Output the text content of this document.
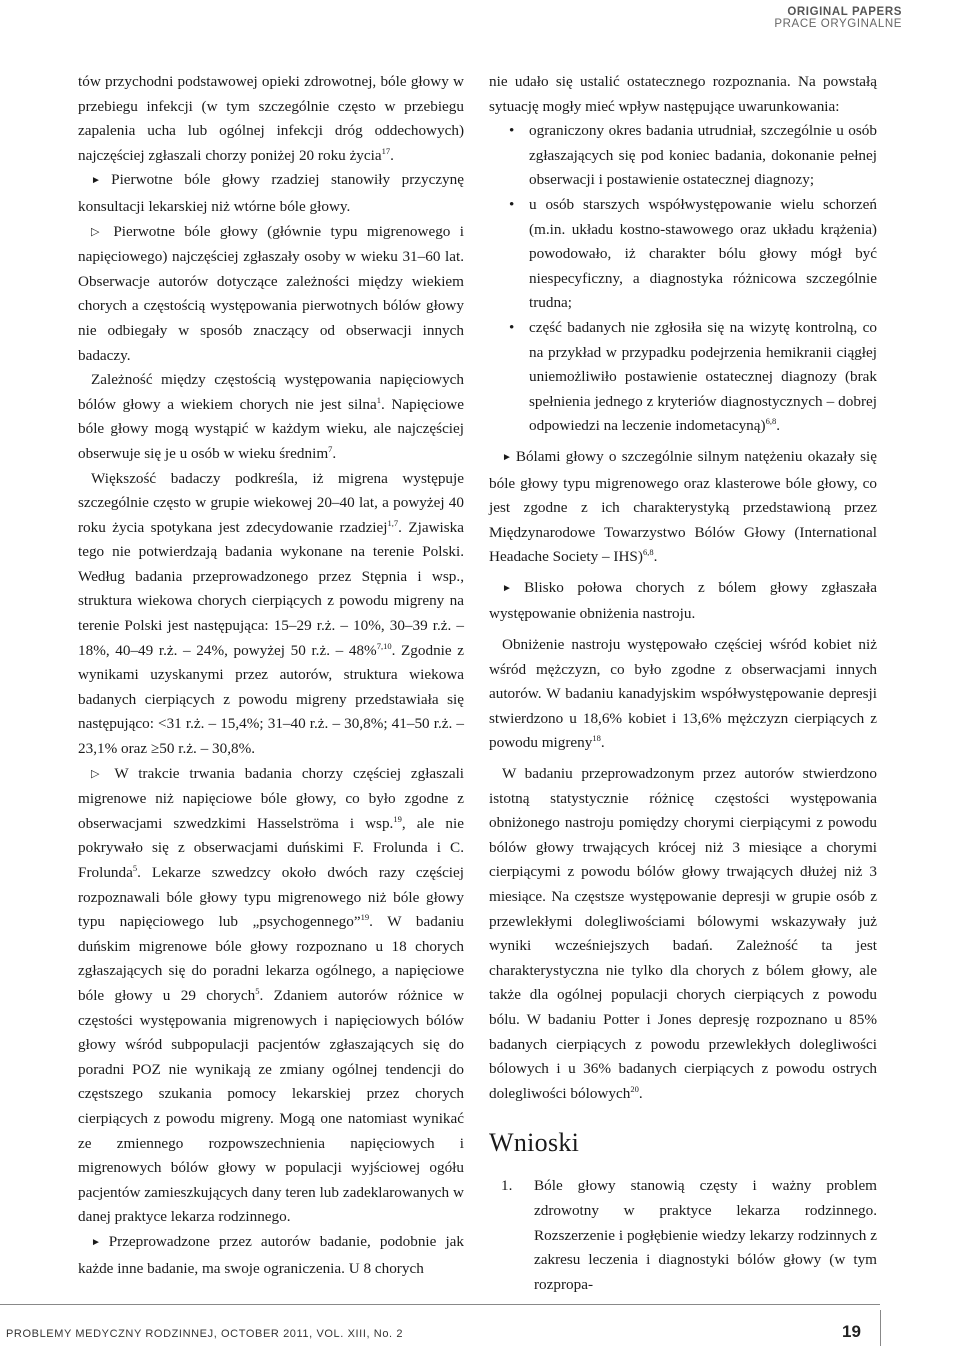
ORIGINAL PAPERS
PRACE ORYGINALNE

tów przychodni podstawowej opieki zdrowotnej, bóle głowy w przebiegu infekcji (w tym szczególnie często w przebiegu zapalenia ucha lub ogólnej infekcji dróg oddechowych) najczęściej zgłaszali chorzy poniżej 20 roku życia$^{17}$.

► Pierwotne bóle głowy rzadziej stanowiły przyczynę konsultacji lekarskiej niż wtórne bóle głowy.

▷ Pierwotne bóle głowy (głównie typu migrenowego i napięciowego) najczęściej zgłaszały osoby w wieku 31–60 lat. Obserwacje autorów dotyczące zależności między wiekiem chorych a częstością występowania pierwotnych bólów głowy nie odbiegały w sposób znaczący od obserwacji innych badaczy.

Zależność między częstością występowania napięciowych bólów głowy a wiekiem chorych nie jest silna$^1$. Napięciowe bóle głowy mogą wystąpić w każdym wieku, ale najczęściej obserwuje się je u osób w wieku średnim$^7$.

Większość badaczy podkreśla, iż migrena występuje szczególnie często w grupie wiekowej 20–40 lat, a powyżej 40 roku życia spotykana jest zdecydowanie rzadziej$^{1,7}$. Zjawiska tego nie potwierdzają badania wykonane na terenie Polski. Według badania przeprowadzonego przez Stępnia i wsp., struktura wiekowa chorych cierpiących z powodu migreny na terenie Polski jest następująca: 15–29 r.ż. – 10%, 30–39 r.ż. – 18%, 40–49 r.ż. – 24%, powyżej 50 r.ż. – 48%$^{7,10}$. Zgodnie z wynikami uzyskanymi przez autorów, struktura wiekowa badanych cierpiących z powodu migreny przedstawiała się następująco: <31 r.ż. – 15,4%; 31–40 r.ż. – 30,8%; 41–50 r.ż. – 23,1% oraz ≥50 r.ż. – 30,8%.

▷ W trakcie trwania badania chorzy częściej zgłaszali migrenowe niż napięciowe bóle głowy, co było zgodne z obserwacjami szwedzkimi Hasselströma i wsp.$^{19}$, ale nie pokrywało się z obserwacjami duńskimi F. Frolunda i C. Frolunda$^5$. Lekarze szwedzcy około dwóch razy częściej rozpoznawali bóle głowy typu migrenowego niż bóle głowy typu napięciowego lub „psychogennego”$^{19}$. W badaniu duńskim migrenowe bóle głowy rozpoznano u 18 chorych zgłaszających się do poradni lekarza ogólnego, a napięciowe bóle głowy u 29 chorych$^5$. Zdaniem autorów różnice w częstości występowania migrenowych i napięciowych bólów głowy wśród subpopulacji pacjentów zgłaszających się do poradni POZ nie wynikają ze zmiany ogólnej tendencji do częstszego szukania pomocy lekarskiej przez chorych cierpiących z powodu migreny. Mogą one natomiast wynikać ze zmiennego rozpowszechnienia napięciowych i migrenowych bólów głowy w populacji wyjściowej ogółu pacjentów zamieszkujących dany teren lub zadeklarowanych w danej praktyce lekarza rodzinnego.

► Przeprowadzone przez autorów badanie, podobnie jak każde inne badanie, ma swoje ograniczenia. U 8 chorych

nie udało się ustalić ostatecznego rozpoznania. Na powstałą sytuację mogły mieć wpływ następujące uwarunkowania:

• ograniczony okres badania utrudniał, szczególnie u osób zgłaszających się pod koniec badania, dokonanie pełnej obserwacji i postawienie ostatecznej diagnozy;
• u osób starszych współwystępowanie wielu schorzeń (m.in. układu kostno-stawowego oraz układu krążenia) powodowało, iż charakter bólu głowy mógł być niespecyficzny, a diagnostyka różnicowa szczególnie trudna;
• część badanych nie zgłosiła się na wizytę kontrolną, co na przykład w przypadku podejrzenia hemikranii ciągłej uniemożliwiło postawienie ostatecznej diagnozy (brak spełnienia jednego z kryteriów diagnostycznych – dobrej odpowiedzi na leczenie indometacyną)$^{6,8}$.

► Bólami głowy o szczególnie silnym natężeniu okazały się bóle głowy typu migrenowego oraz klasterowe bóle głowy, co jest zgodne z ich charakterystyką przedstawioną przez Międzynarodowe Towarzystwo Bólów Głowy (International Headache Society – IHS)$^{6,8}$.

► Blisko połowa chorych z bólem głowy zgłaszała występowanie obniżenia nastroju.

Obniżenie nastroju występowało częściej wśród kobiet niż wśród mężczyzn, co było zgodne z obserwacjami innych autorów. W badaniu kanadyjskim współwystępowanie depresji stwierdzono u 18,6% kobiet i 13,6% mężczyzn cierpiących z powodu migreny$^{18}$.

W badaniu przeprowadzonym przez autorów stwierdzono istotną statystycznie różnicę częstości występowania obniżonego nastroju pomiędzy chorymi cierpiącymi z powodu bólów głowy trwających krócej niż 3 miesiące a chorymi cierpiącymi z powodu bólów głowy trwających dłużej niż 3 miesiące. Na częstsze występowanie depresji w grupie osób z przewlekłymi dolegliwościami bólowymi wskazywały już wyniki wcześniejszych badań. Zależność ta jest charakterystyczna nie tylko dla chorych z bólem głowy, ale także dla ogólnej populacji chorych cierpiących z powodu bólu. W badaniu Potter i Jones depresję rozpoznano u 85% badanych cierpiących z powodu przewlekłych dolegliwości bólowych i u 36% badanych cierpiących z powodu ostrych dolegliwości bólowych$^{20}$.

Wnioski
1. Bóle głowy stanowią częsty i ważny problem zdrowotny w praktyce lekarza rodzinnego. Rozszerzenie i pogłębienie wiedzy lekarzy rodzinnych z zakresu leczenia i diagnostyki bólów głowy (w tym rozpropa-
PROBLEMY MEDYCZNY RODZINNEJ, OCTOBER 2011, VOL. XIII, No. 2	19
